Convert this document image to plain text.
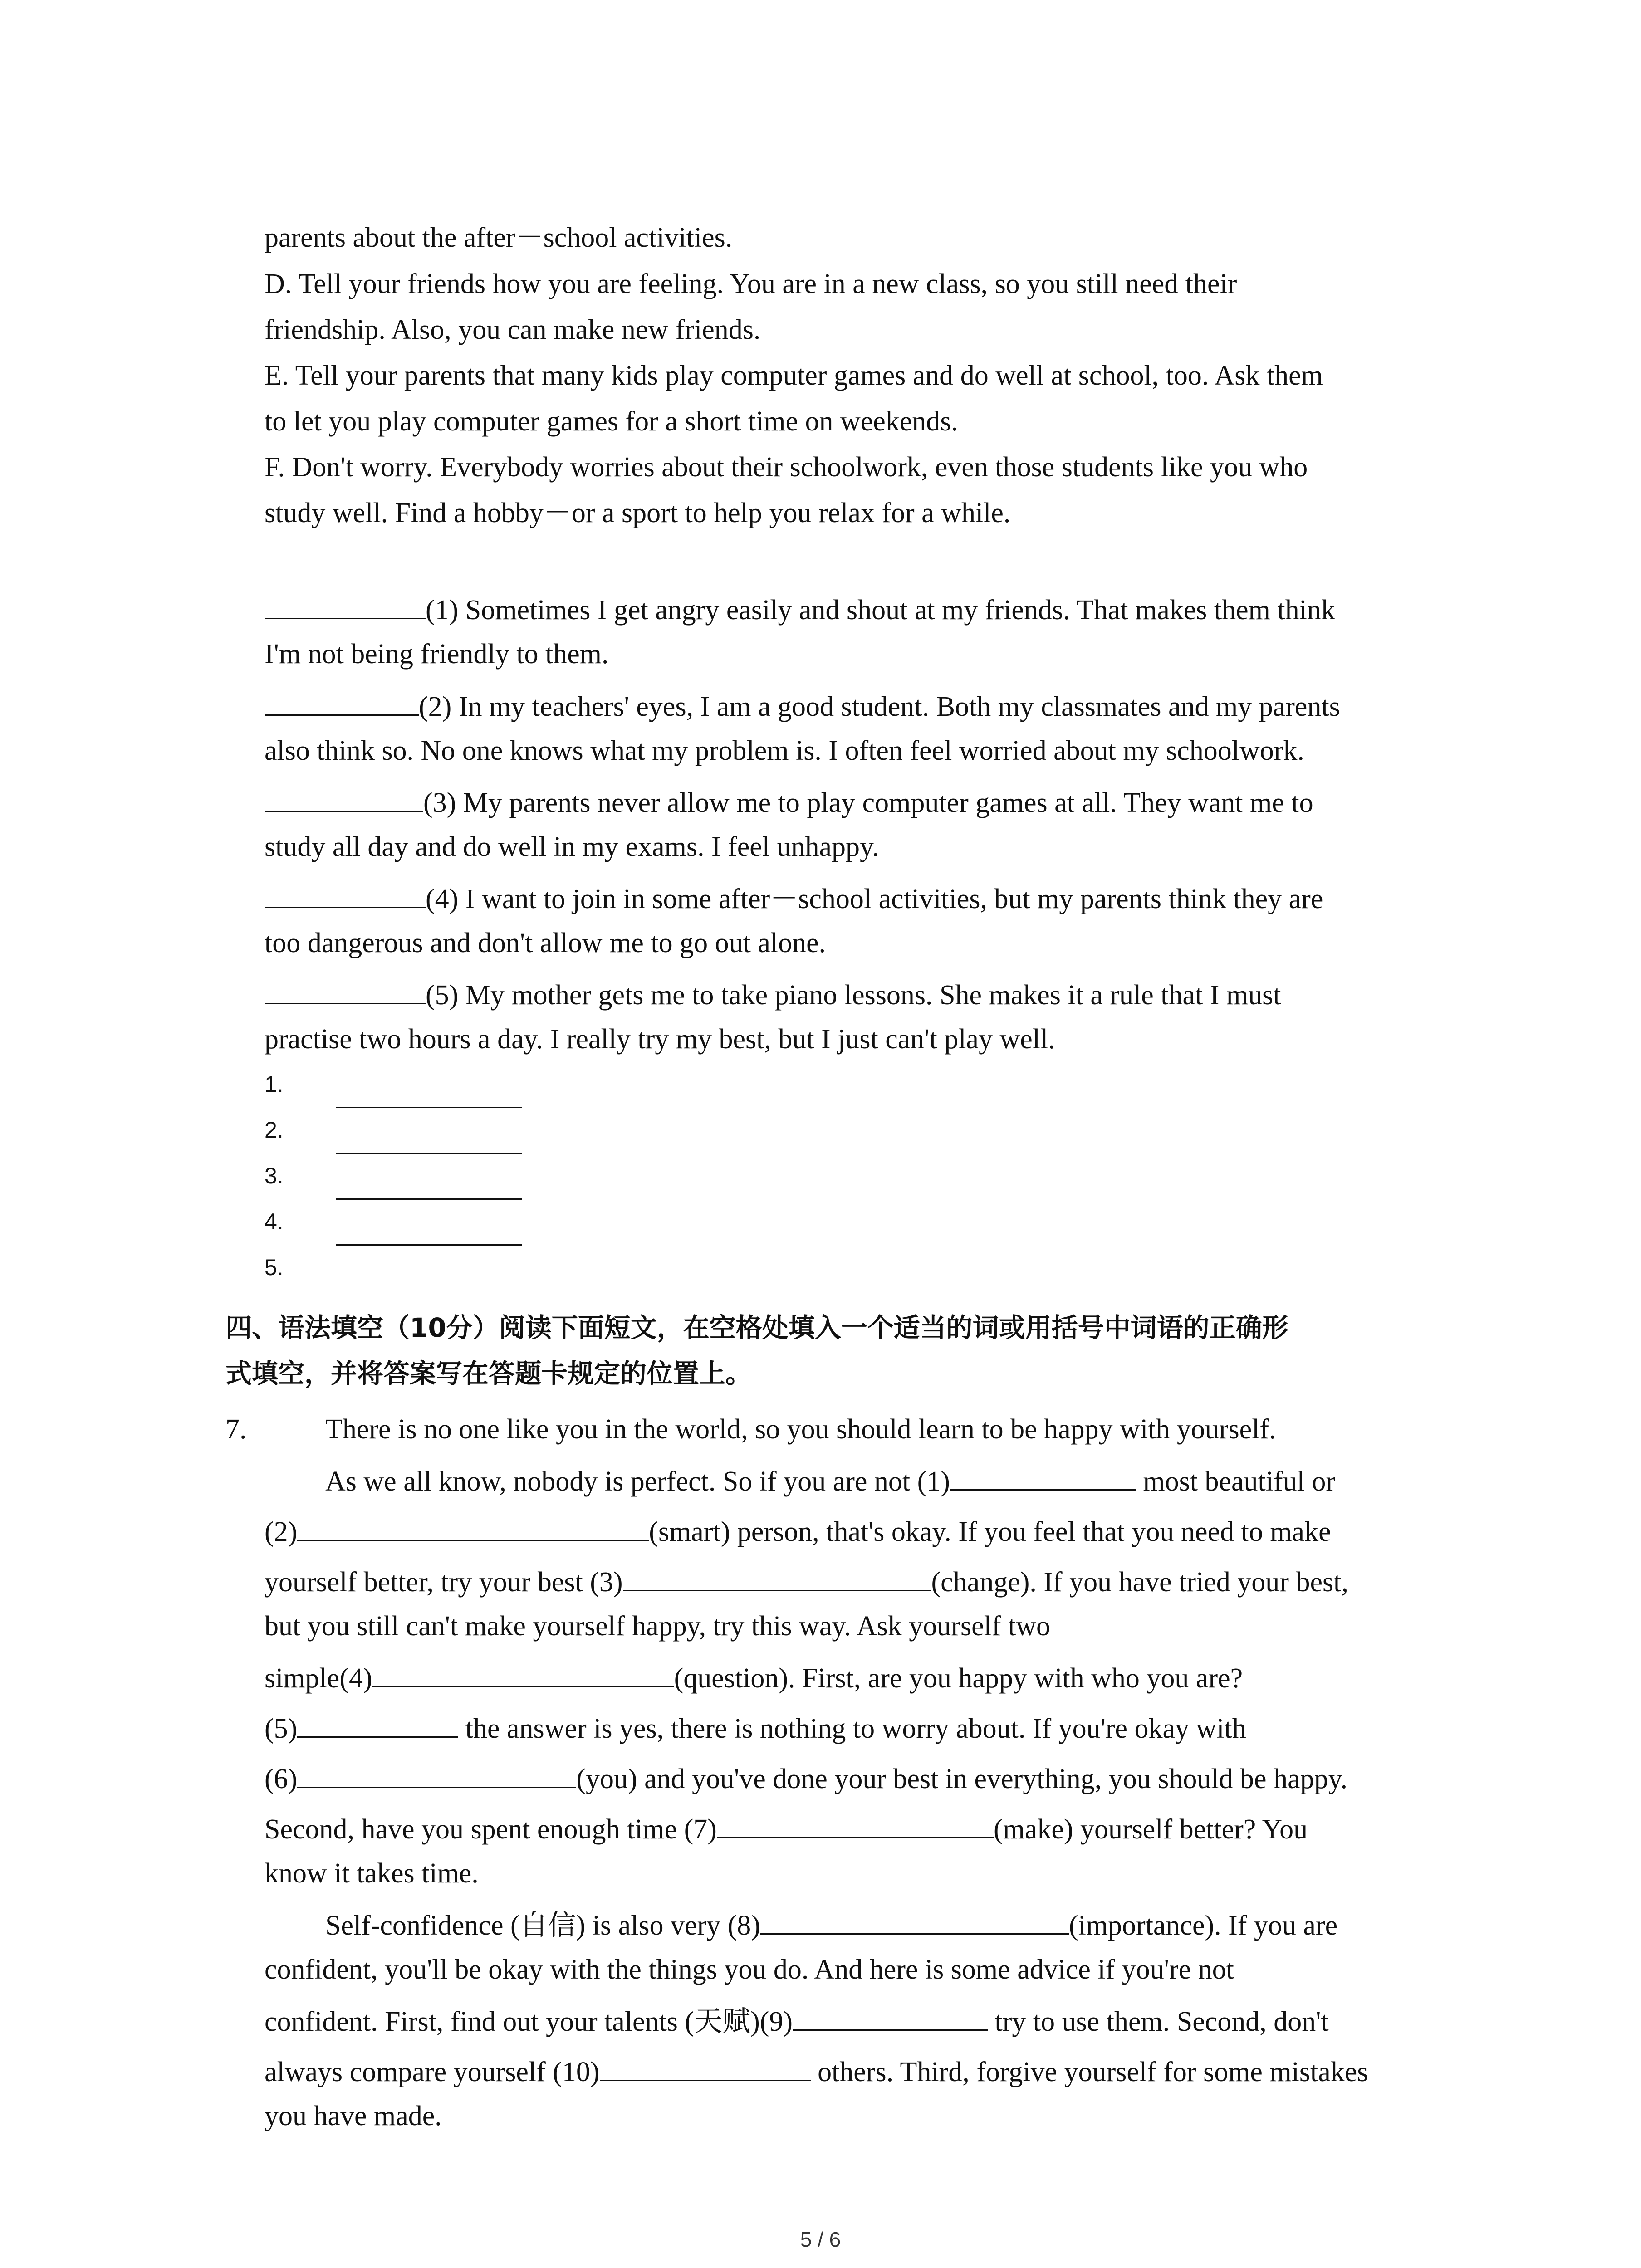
parents about the after－school activities.
D. Tell your friends how you are feeling. You are in a new class, so you still need their
friendship. Also, you can make new friends.
E. Tell your parents that many kids play computer games and do well at school, too. Ask them
to let you play computer games for a short time on weekends.
F. Don't worry. Everybody worries about their schoolwork, even those students like you who
study well. Find a hobby－or a sport to help you relax for a while.
(1) Sometimes I get angry easily and shout at my friends. That makes them think
I'm not being friendly to them.
(2) In my teachers' eyes, I am a good student. Both my classmates and my parents
also think so. No one knows what my problem is. I often feel worried about my schoolwork.
(3) My parents never allow me to play computer games at all. They want me to
study all day and do well in my exams. I feel unhappy.
(4) I want to join in some after－school activities, but my parents think they are
too dangerous and don't allow me to go out alone.
(5) My mother gets me to take piano lessons. She makes it a rule that I must
practise two hours a day. I really try my best, but I just can't play well.
1.
2.
3.
4.
5.
四、语法填空（10分）阅读下面短文，在空格处填入一个适当的词或用括号中词语的正确形
式填空，并将答案写在答题卡规定的位置上。
7.	There is no one like you in the world, so you should learn to be happy with yourself.
As we all know, nobody is perfect. So if you are not (1)	most beautiful or
(2)	(smart) person, that's okay. If you feel that you need to make
yourself better, try your best (3)	(change). If you have tried your best,
but you still can't make yourself happy, try this way. Ask yourself two
simple(4)	(question). First, are you happy with who you are?
(5)	the answer is yes, there is nothing to worry about. If you're okay with
(6)	(you) and you've done your best in everything, you should be happy.
Second, have you spent enough time (7)	(make) yourself better? You
know it takes time.
Self-confidence (自信) is also very (8)	(importance). If you are
confident, you'll be okay with the things you do. And here is some advice if you're not
confident. First, find out your talents (天赋)(9)	try to use them. Second, don't
always compare yourself (10)	others. Third, forgive yourself for some mistakes
you have made.
5 / 6
